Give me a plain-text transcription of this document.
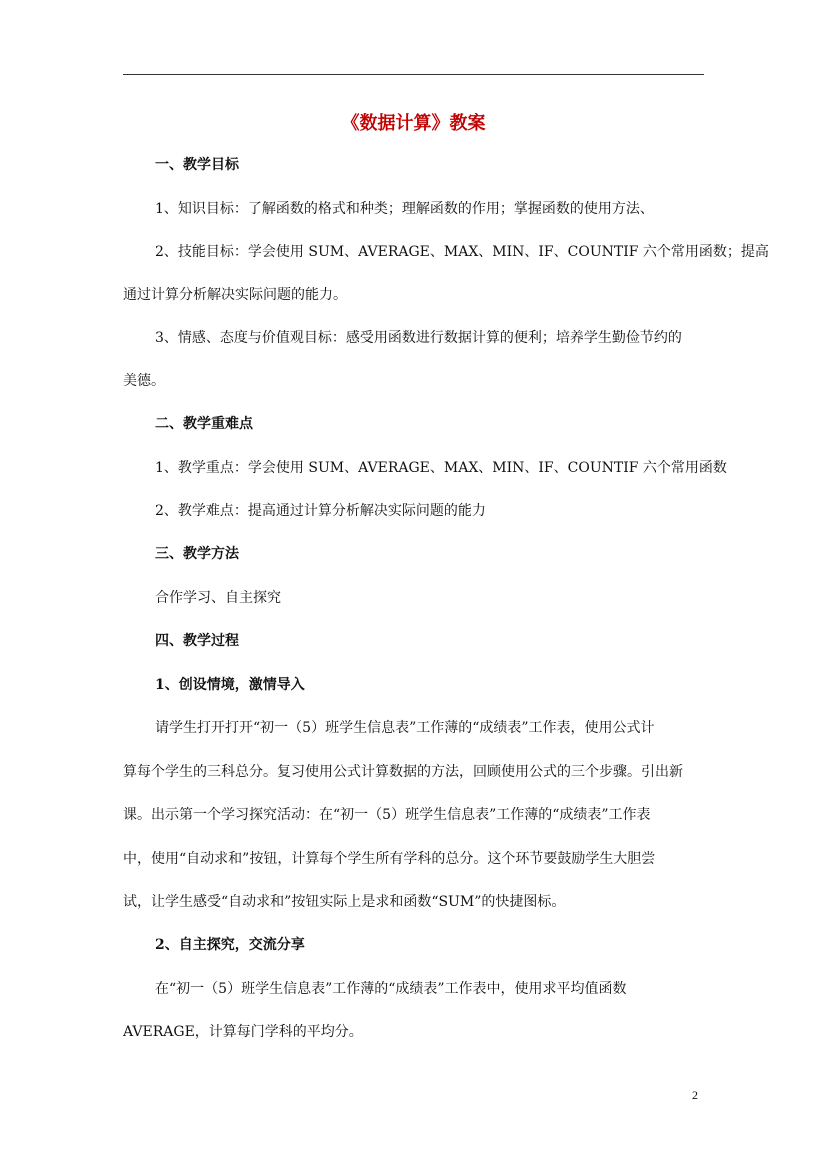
《数据计算》教案
一、教学目标
1、知识目标：了解函数的格式和种类；理解函数的作用；掌握函数的使用方法、
2、技能目标：学会使用 SUM、AVERAGE、MAX、MIN、IF、COUNTIF 六个常用函数；提高
通过计算分析解决实际问题的能力。
3、情感、态度与价值观目标：感受用函数进行数据计算的便利；培养学生勤俭节约的
美德。
二、教学重难点
1、教学重点：学会使用 SUM、AVERAGE、MAX、MIN、IF、COUNTIF 六个常用函数
2、教学难点：提高通过计算分析解决实际问题的能力
三、教学方法
合作学习、自主探究
四、教学过程
1、创设情境，激情导入
请学生打开打开“初一（5）班学生信息表”工作薄的“成绩表”工作表，使用公式计
算每个学生的三科总分。复习使用公式计算数据的方法，回顾使用公式的三个步骤。引出新
课。出示第一个学习探究活动：在“初一（5）班学生信息表”工作薄的“成绩表”工作表
中，使用“自动求和”按钮，计算每个学生所有学科的总分。这个环节要鼓励学生大胆尝
试，让学生感受“自动求和”按钮实际上是求和函数“SUM”的快捷图标。
2、自主探究，交流分享
在“初一（5）班学生信息表”工作薄的“成绩表”工作表中，使用求平均值函数
AVERAGE，计算每门学科的平均分。
2
